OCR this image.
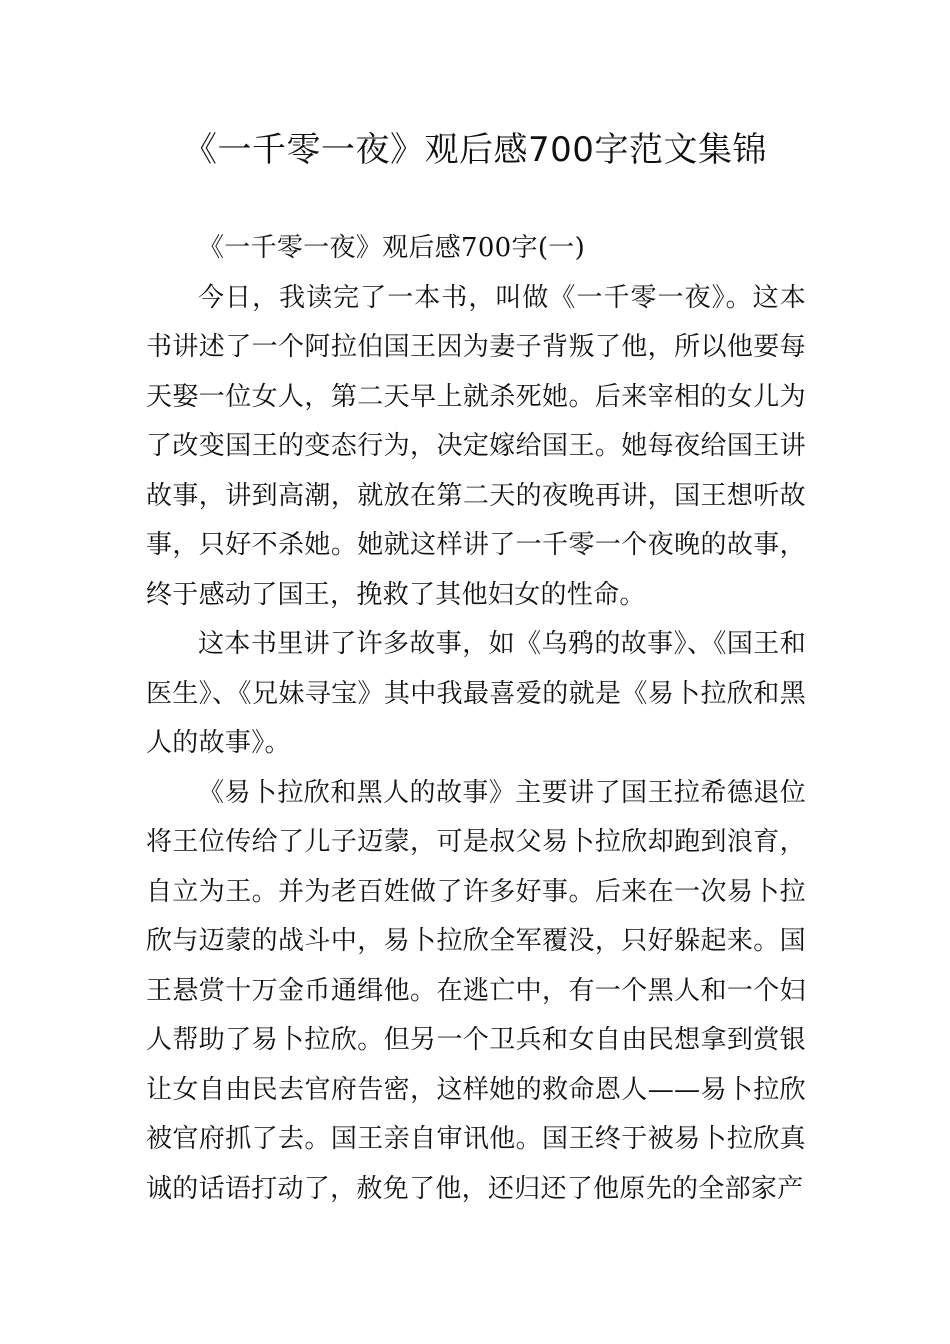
《一千零一夜》观后感700字范文集锦

《一千零一夜》观后感700字(一)

今日，我读完了一本书，叫做《一千零一夜》。这本书讲述了一个阿拉伯国王因为妻子背叛了他，所以他要每天娶一位女人，第二天早上就杀死她。后来宰相的女儿为了改变国王的变态行为，决定嫁给国王。她每夜给国王讲故事，讲到高潮，就放在第二天的夜晚再讲，国王想听故事，只好不杀她。她就这样讲了一千零一个夜晚的故事，终于感动了国王，挽救了其他妇女的性命。

这本书里讲了许多故事，如《乌鸦的故事》、《国王和医生》、《兄妹寻宝》其中我最喜爱的就是《易卜拉欣和黑人的故事》。

《易卜拉欣和黑人的故事》主要讲了国王拉希德退位将王位传给了儿子迈蒙，可是叔父易卜拉欣却跑到浪育，自立为王。并为老百姓做了许多好事。后来在一次易卜拉欣与迈蒙的战斗中，易卜拉欣全军覆没，只好躲起来。国王悬赏十万金币通缉他。在逃亡中，有一个黑人和一个妇人帮助了易卜拉欣。但另一个卫兵和女自由民想拿到赏银让女自由民去官府告密，这样她的救命恩人——易卜拉欣被官府抓了去。国王亲自审讯他。国王终于被易卜拉欣真诚的话语打动了，赦免了他，还归还了他原先的全部家产
